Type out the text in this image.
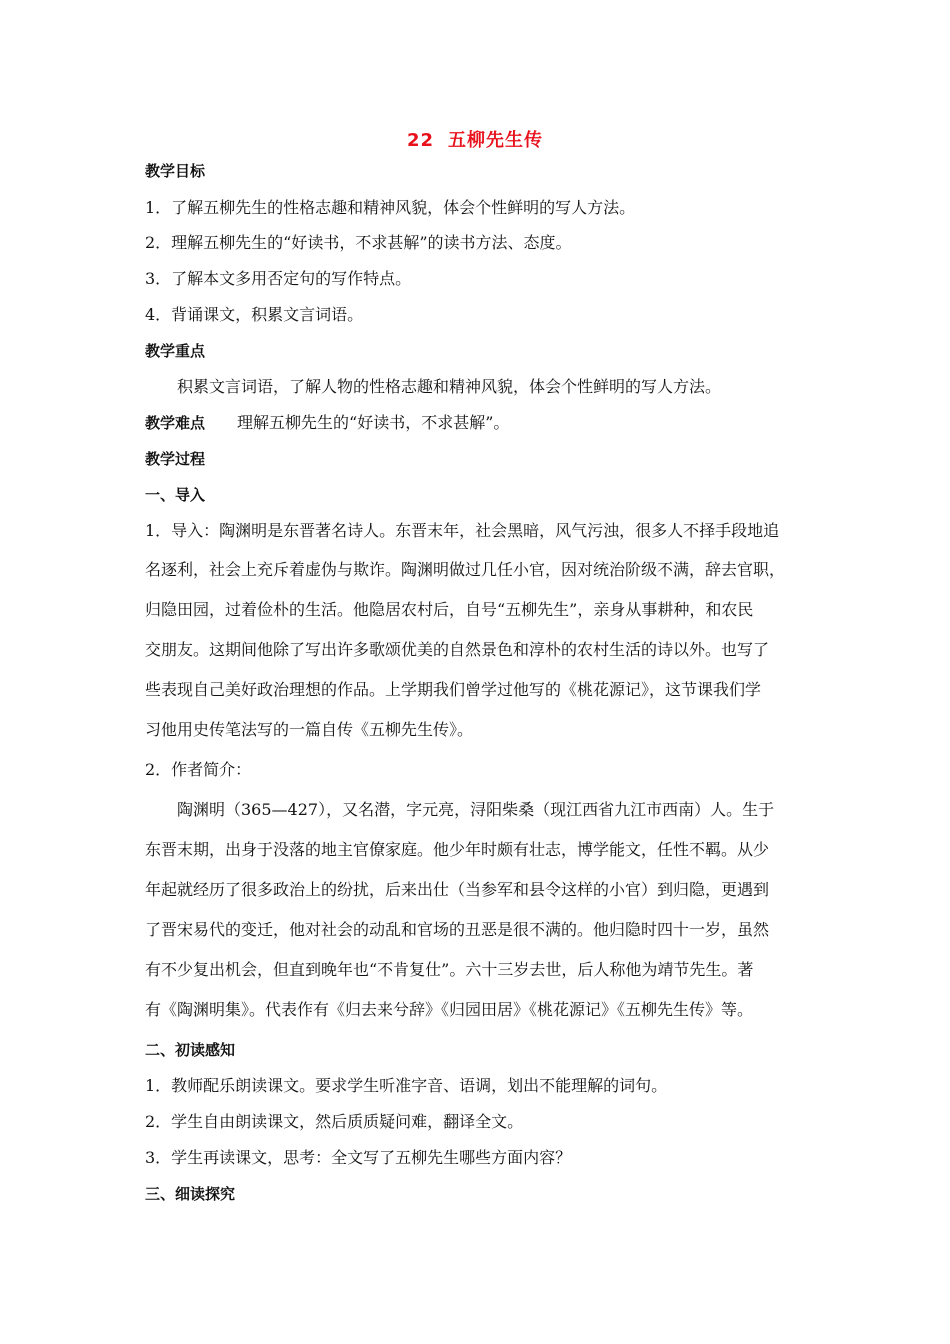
22 五柳先生传
教学目标
1．了解五柳先生的性格志趣和精神风貌，体会个性鲜明的写人方法。
2．理解五柳先生的“好读书，不求甚解”的读书方法、态度。
3．了解本文多用否定句的写作特点。
4．背诵课文，积累文言词语。
教学重点
积累文言词语，了解人物的性格志趣和精神风貌，体会个性鲜明的写人方法。
教学难点 理解五柳先生的“好读书，不求甚解”。
教学过程
一、导入
1．导入：陶渊明是东晋著名诗人。东晋末年，社会黑暗，风气污浊，很多人不择手段地追
名逐利，社会上充斥着虚伪与欺诈。陶渊明做过几任小官，因对统治阶级不满，辞去官职，
归隐田园，过着俭朴的生活。他隐居农村后，自号“五柳先生”，亲身从事耕种，和农民
交朋友。这期间他除了写出许多歌颂优美的自然景色和淳朴的农村生活的诗以外。也写了
些表现自己美好政治理想的作品。上学期我们曾学过他写的《桃花源记》，这节课我们学
习他用史传笔法写的一篇自传《五柳先生传》。
2．作者简介：
陶渊明（365—427），又名潜，字元亮，浔阳柴桑（现江西省九江市西南）人。生于
东晋末期，出身于没落的地主官僚家庭。他少年时颇有壮志，博学能文，任性不羁。从少
年起就经历了很多政治上的纷扰，后来出仕（当参军和县令这样的小官）到归隐，更遇到
了晋宋易代的变迁，他对社会的动乱和官场的丑恶是很不满的。他归隐时四十一岁，虽然
有不少复出机会，但直到晚年也“不肯复仕”。六十三岁去世，后人称他为靖节先生。著
有《陶渊明集》。代表作有《归去来兮辞》《归园田居》《桃花源记》《五柳先生传》等。
二、初读感知
1．教师配乐朗读课文。要求学生听准字音、语调，划出不能理解的词句。
2．学生自由朗读课文，然后质质疑问难，翻译全文。
3．学生再读课文，思考：全文写了五柳先生哪些方面内容？
三、细读探究
